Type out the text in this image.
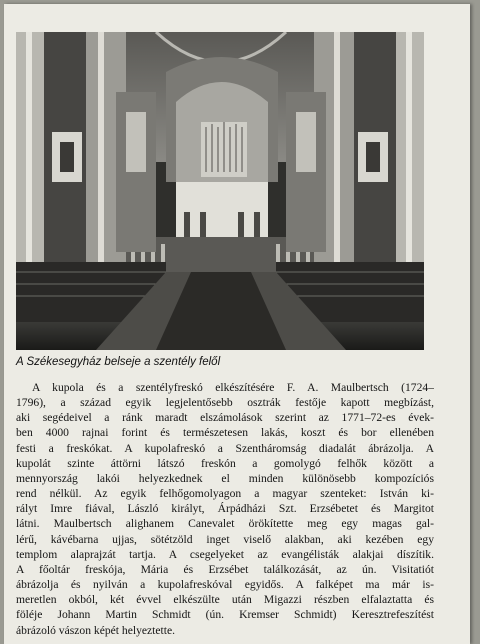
A Székesegyház belseje a szentély felől
A kupola és a szentélyfreskó elkészítésére F. A. Maulbertsch (1724–
1796), a század egyik legjelentősebb osztrák festője kapott megbízást,
aki segédeivel a ránk maradt elszámolások szerint az 1771–72-es évek-
ben 4000 rajnai forint és természetesen lakás, koszt és bor ellenében
festi a freskókat. A kupolafreskó a Szentháromság diadalát ábrázolja. A
kupolát szinte áttörni látszó freskón a gomolygó felhők között a
mennyország lakói helyezkednek el minden különösebb kompozíciós
rend nélkül. Az egyik felhőgomolyagon a magyar szenteket: István ki-
rályt Imre fiával, László királyt, Árpádházi Szt. Erzsébetet és Margitot
látni. Maulbertsch alighanem Canevalet örökítette meg egy magas gal-
lérű, kávébarna ujjas, sötétzöld inget viselő alakban, aki kezében egy
templom alaprajzát tartja. A csegelyeket az evangélisták alakjai díszítik.
A főoltár freskója, Mária és Erzsébet találkozását, az ún. Visitatiót
ábrázolja és nyilván a kupolafreskóval egyidős. A falképet ma már is-
meretlen okból, két évvel elkészülte után Migazzi részben elfalaztatta és
föléje Johann Martin Schmidt (ún. Kremser Schmidt) Keresztrefeszítést
ábrázoló vászon képét helyeztette.
